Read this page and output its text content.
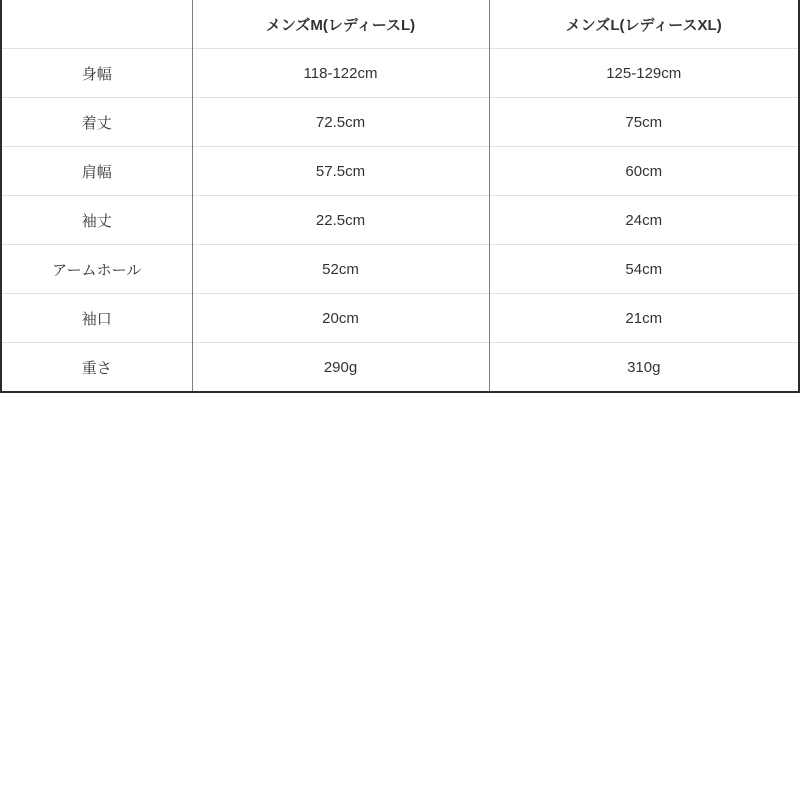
	メンズM(レディースL)	メンズL(レディースXL)
身幅	118-122cm	125-129cm
着丈	72.5cm	75cm
肩幅	57.5cm	60cm
袖丈	22.5cm	24cm
アームホール	52cm	54cm
袖口	20cm	21cm
重さ	290g	310g
